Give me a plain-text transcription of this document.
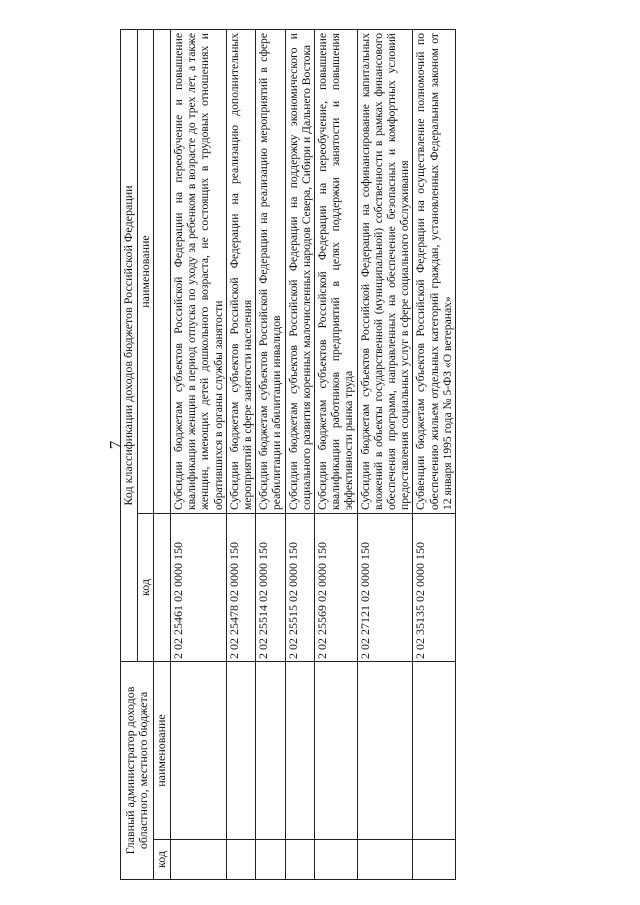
7
Главный администратор доходов областного, местного бюджета		Код классификации доходов бюджетов Российской Федерации	
		код	наименование
код	наименование		
		2 02 25461 02 0000 150	Субсидии бюджетам субъектов Российской Федерации на переобучение и повышение квалификации женщин в период отпуска по уходу за ребенком в возрасте до трех лет, а также женщин, имеющих детей дошкольного возраста, не состоящих в трудовых отношениях и обратившихся в органы службы занятости
		2 02 25478 02 0000 150	Субсидии бюджетам субъектов Российской Федерации на реализацию дополнительных мероприятий в сфере занятости населения
		2 02 25514 02 0000 150	Субсидии бюджетам субъектов Российской Федерации на реализацию мероприятий в сфере реабилитации и абилитации инвалидов
		2 02 25515 02 0000 150	Субсидии бюджетам субъектов Российской Федерации на поддержку экономического и социального развития коренных малочисленных народов Севера, Сибири и Дальнего Востока
		2 02 25569 02 0000 150	Субсидии бюджетам субъектов Российской Федерации на переобучение, повышение квалификации работников предприятий в целях поддержки занятости и повышения эффективности рынка труда
		2 02 27121 02 0000 150	Субсидии бюджетам субъектов Российской Федерации на софинансирование капитальных вложений в объекты государственной (муниципальной) собственности в рамках финансового обеспечения программ, направленных на обеспечение безопасных и комфортных условий предоставления социальных услуг в сфере социального обслуживания
		2 02 35135 02 0000 150	Субвенции бюджетам субъектов Российской Федерации на осуществление полномочий по обеспечению жильем отдельных категорий граждан, установленных Федеральным законом от 12 января 1995 года № 5-ФЗ «О ветеранах»
